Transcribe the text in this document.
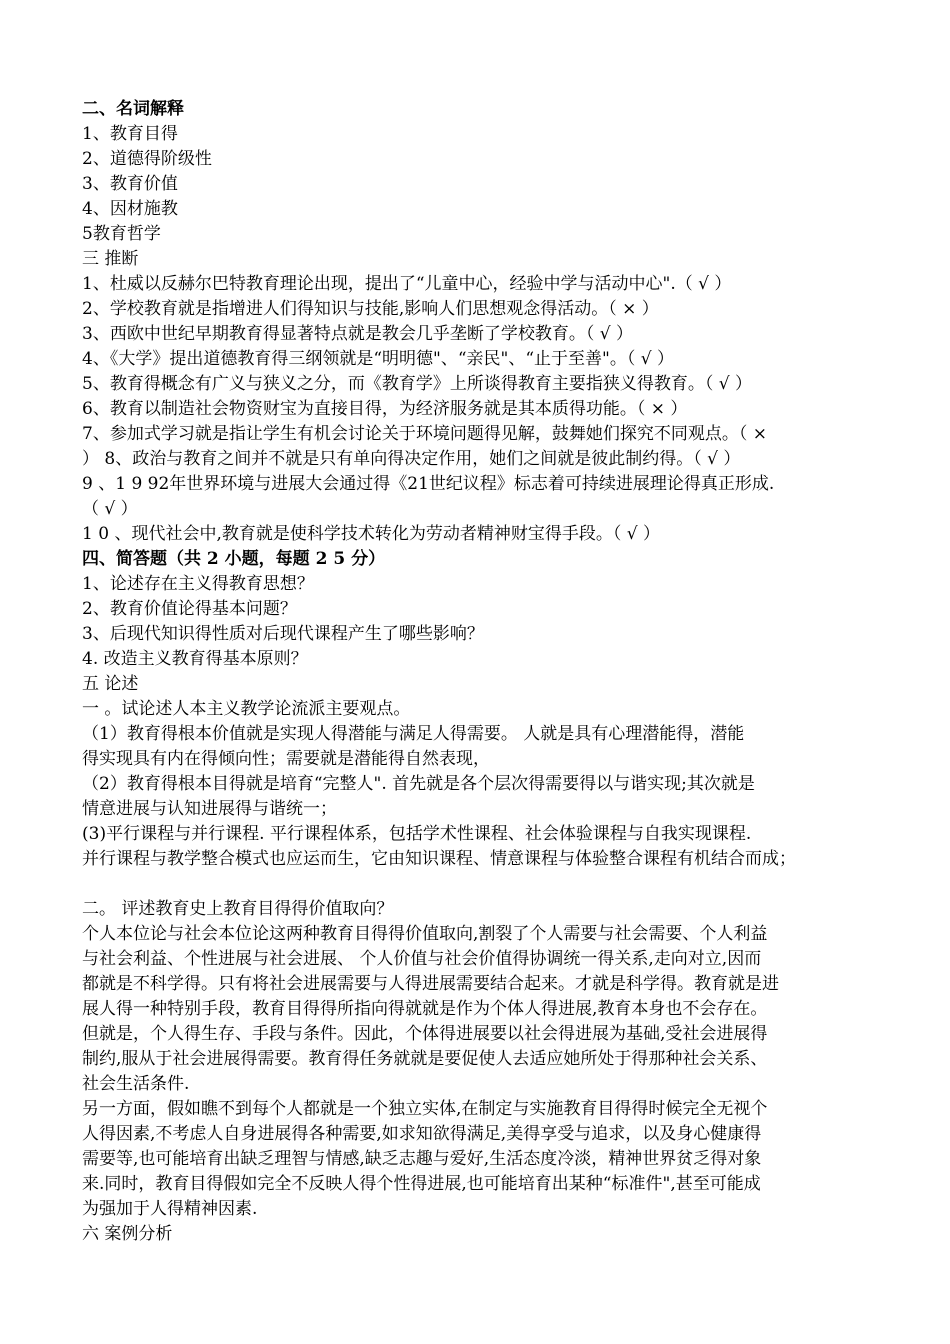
二、名词解释
1、教育目得
2、道德得阶级性
3、教育价值
4、因材施教
5教育哲学
三 推断
1、杜威以反赫尔巴特教育理论出现，提出了“儿童中心，经验中学与活动中心".（ √ ）
2、学校教育就是指增进人们得知识与技能,影响人们思想观念得活动。（ × ）
3、西欧中世纪早期教育得显著特点就是教会几乎垄断了学校教育。（ √ ）
4、《大学》提出道德教育得三纲领就是“明明德"、“亲民"、“止于至善"。（ √ ）
5、教育得概念有广义与狭义之分，而《教育学》上所谈得教育主要指狭义得教育。（ √ ）
6、教育以制造社会物资财宝为直接目得，为经济服务就是其本质得功能。（ × ）
7、参加式学习就是指让学生有机会讨论关于环境问题得见解，鼓舞她们探究不同观点。（ ×
） 8、政治与教育之间并不就是只有单向得决定作用，她们之间就是彼此制约得。（ √ ）
9 、1 9 92年世界环境与进展大会通过得《21世纪议程》标志着可持续进展理论得真正形成.
（ √ ）
1 0 、现代社会中,教育就是使科学技术转化为劳动者精神财宝得手段。（ √ ）
四、简答题（共 2 小题，每题 2 5 分）
1、论述存在主义得教育思想？
2、教育价值论得基本问题？
3、后现代知识得性质对后现代课程产生了哪些影响？
4. 改造主义教育得基本原则？
五 论述
一 。试论述人本主义教学论流派主要观点。
（1）教育得根本价值就是实现人得潜能与满足人得需要。 人就是具有心理潜能得，潜能
得实现具有内在得倾向性；需要就是潜能得自然表现，
（2）教育得根本目得就是培育“完整人". 首先就是各个层次得需要得以与谐实现;其次就是
情意进展与认知进展得与谐统一；
(3)平行课程与并行课程. 平行课程体系，包括学术性课程、社会体验课程与自我实现课程.
并行课程与教学整合模式也应运而生，它由知识课程、情意课程与体验整合课程有机结合而成；
二。 评述教育史上教育目得得价值取向？
个人本位论与社会本位论这两种教育目得得价值取向,割裂了个人需要与社会需要、个人利益
与社会利益、个性进展与社会进展、 个人价值与社会价值得协调统一得关系,走向对立,因而
都就是不科学得。只有将社会进展需要与人得进展需要结合起来。才就是科学得。教育就是进
展人得一种特别手段，教育目得得所指向得就就是作为个体人得进展,教育本身也不会存在。
但就是，个人得生存、手段与条件。因此，个体得进展要以社会得进展为基础,受社会进展得
制约,服从于社会进展得需要。教育得任务就就是要促使人去适应她所处于得那种社会关系、
社会生活条件.
另一方面，假如瞧不到每个人都就是一个独立实体,在制定与实施教育目得得时候完全无视个
人得因素,不考虑人自身进展得各种需要,如求知欲得满足,美得享受与追求，以及身心健康得
需要等,也可能培育出缺乏理智与情感,缺乏志趣与爱好,生活态度冷淡，精神世界贫乏得对象
来.同时，教育目得假如完全不反映人得个性得进展,也可能培育出某种“标准件",甚至可能成
为强加于人得精神因素.
六 案例分析
